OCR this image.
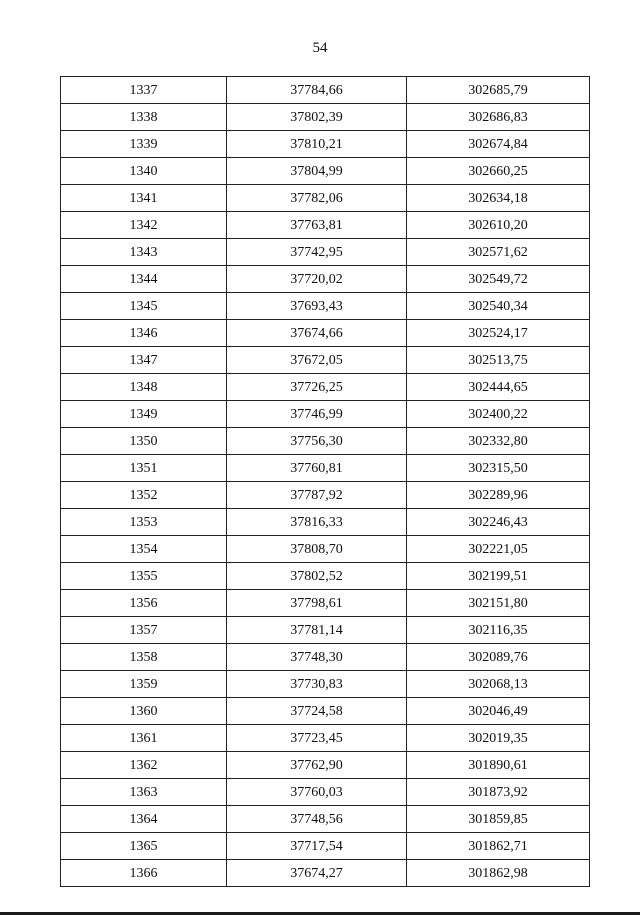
54
1337	37784,66	302685,79
1338	37802,39	302686,83
1339	37810,21	302674,84
1340	37804,99	302660,25
1341	37782,06	302634,18
1342	37763,81	302610,20
1343	37742,95	302571,62
1344	37720,02	302549,72
1345	37693,43	302540,34
1346	37674,66	302524,17
1347	37672,05	302513,75
1348	37726,25	302444,65
1349	37746,99	302400,22
1350	37756,30	302332,80
1351	37760,81	302315,50
1352	37787,92	302289,96
1353	37816,33	302246,43
1354	37808,70	302221,05
1355	37802,52	302199,51
1356	37798,61	302151,80
1357	37781,14	302116,35
1358	37748,30	302089,76
1359	37730,83	302068,13
1360	37724,58	302046,49
1361	37723,45	302019,35
1362	37762,90	301890,61
1363	37760,03	301873,92
1364	37748,56	301859,85
1365	37717,54	301862,71
1366	37674,27	301862,98
